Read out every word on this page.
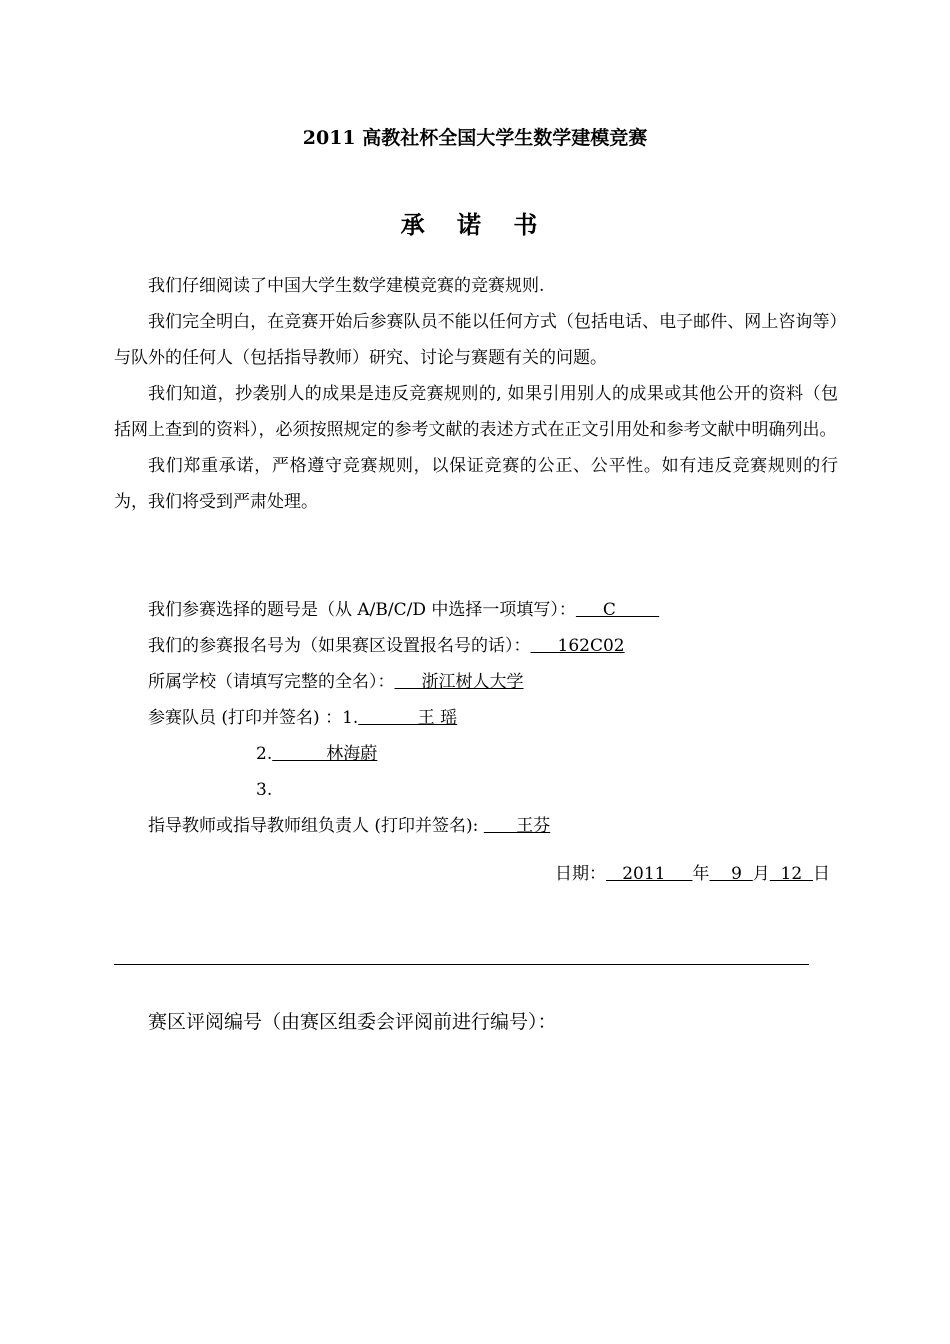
2011 高教社杯全国大学生数学建模竞赛
承 诺 书

我们仔细阅读了中国大学生数学建模竞赛的竞赛规则.

我们完全明白，在竞赛开始后参赛队员不能以任何方式（包括电话、电子邮件、网上咨询等）与队外的任何人（包括指导教师）研究、讨论与赛题有关的问题。

我们知道，抄袭别人的成果是违反竞赛规则的, 如果引用别人的成果或其他公开的资料（包括网上查到的资料），必须按照规定的参考文献的表述方式在正文引用处和参考文献中明确列出。

我们郑重承诺，严格遵守竞赛规则，以保证竞赛的公正、公平性。如有违反竞赛规则的行为，我们将受到严肃处理。

我们参赛选择的题号是（从 A/B/C/D 中选择一项填写）：     C
我们的参赛报名号为（如果赛区设置报名号的话）：     162C02
所属学校（请填写完整的全名）：     浙江树人大学
参赛队员 (打印并签名) ：1.           王 瑶
2.          林海蔚
3.
指导教师或指导教师组负责人 (打印并签名):       王芬
日期：   2011     年    9  月  12  日
赛区评阅编号（由赛区组委会评阅前进行编号）：
